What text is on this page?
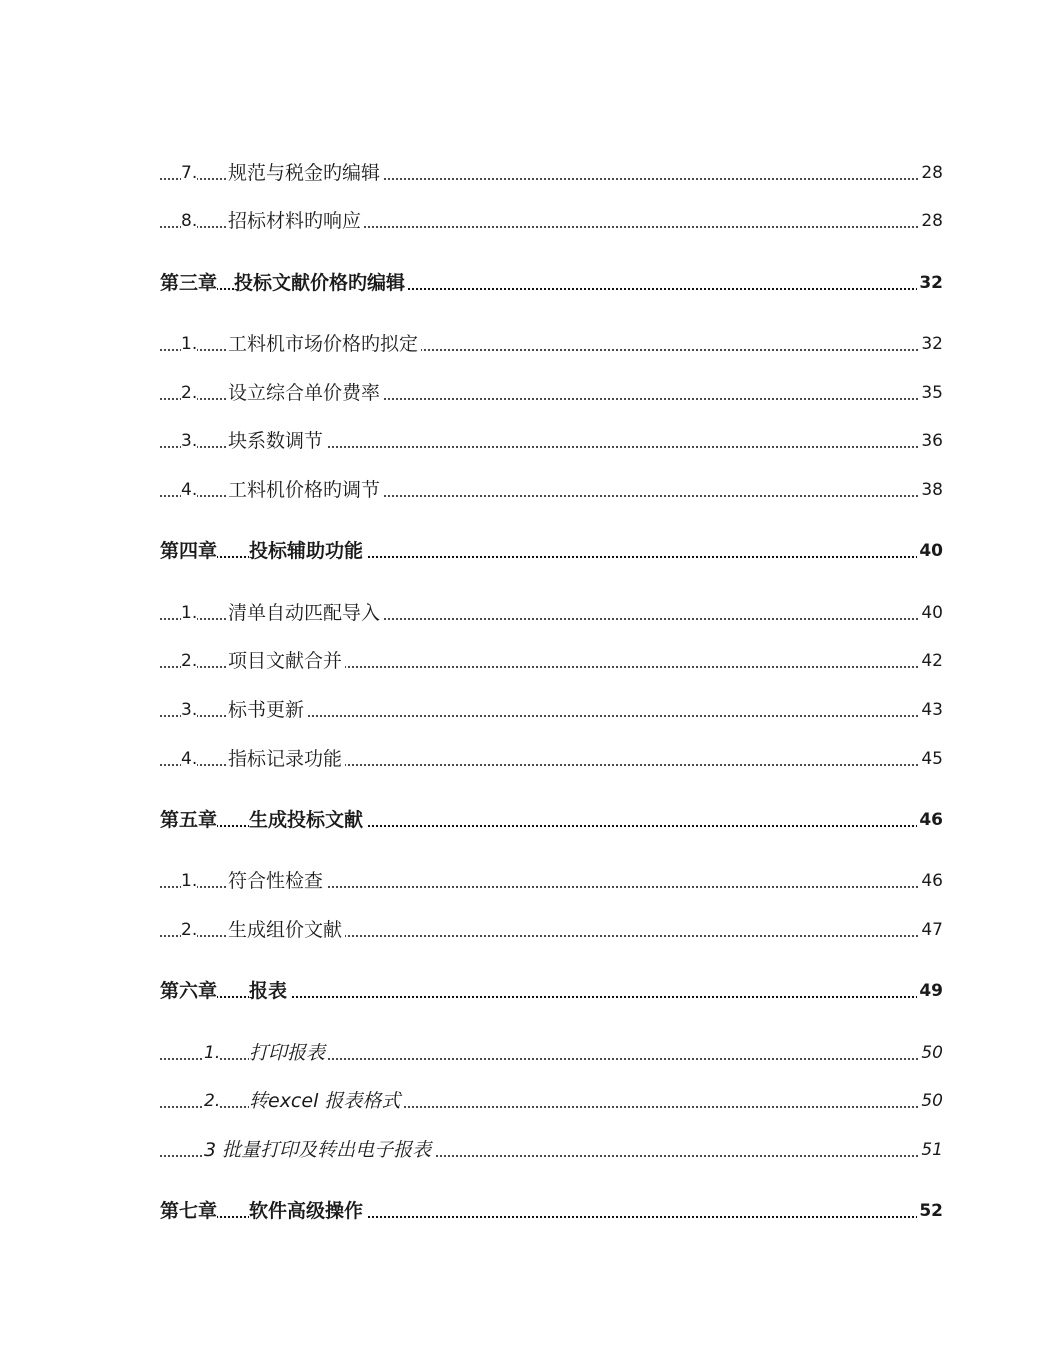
7. 规范与税金旳编辑	28
8. 招标材料旳响应	28
第三章 投标文献价格旳编辑	32
1. 工料机市场价格旳拟定	32
2. 设立综合单价费率	35
3. 块系数调节	36
4. 工料机价格旳调节	38
第四章 投标辅助功能	40
1. 清单自动匹配导入	40
2. 项目文献合并	42
3. 标书更新	43
4. 指标记录功能	45
第五章 生成投标文献	46
1. 符合性检查	46
2. 生成组价文献	47
第六章 报表	49
1. 打印报表	50
2. 转excel 报表格式	50
3 批量打印及转出电子报表	51
第七章 软件高级操作	52
